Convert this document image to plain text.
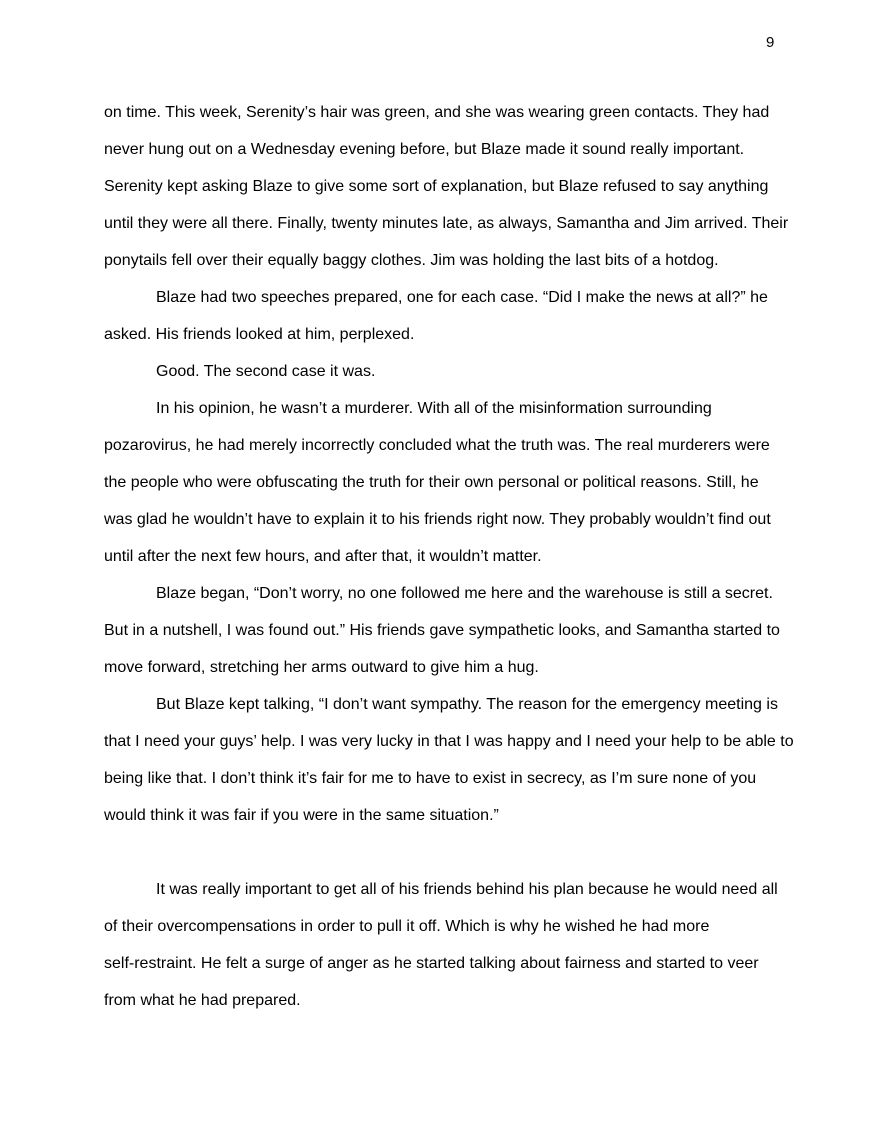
9
on time. This week, Serenity’s hair was green, and she was wearing green contacts. They had
never hung out on a Wednesday evening before, but Blaze made it sound really important.
Serenity kept asking Blaze to give some sort of explanation, but Blaze refused to say anything
until they were all there. Finally, twenty minutes late, as always, Samantha and Jim arrived. Their
ponytails fell over their equally baggy clothes. Jim was holding the last bits of a hotdog.
Blaze had two speeches prepared, one for each case. “Did I make the news at all?” he
asked. His friends looked at him, perplexed.
Good. The second case it was.
In his opinion, he wasn’t a murderer. With all of the misinformation surrounding
pozarovirus, he had merely incorrectly concluded what the truth was. The real murderers were
the people who were obfuscating the truth for their own personal or political reasons. Still, he
was glad he wouldn’t have to explain it to his friends right now. They probably wouldn’t find out
until after the next few hours, and after that, it wouldn’t matter.
Blaze began, “Don’t worry, no one followed me here and the warehouse is still a secret.
But in a nutshell, I was found out.” His friends gave sympathetic looks, and Samantha started to
move forward, stretching her arms outward to give him a hug.
But Blaze kept talking, “I don’t want sympathy. The reason for the emergency meeting is
that I need your guys’ help. I was very lucky in that I was happy and I need your help to be able to
being like that. I don’t think it’s fair for me to have to exist in secrecy, as I’m sure none of you
would think it was fair if you were in the same situation.”
It was really important to get all of his friends behind his plan because he would need all
of their overcompensations in order to pull it off. Which is why he wished he had more
self-restraint. He felt a surge of anger as he started talking about fairness and started to veer
from what he had prepared.
